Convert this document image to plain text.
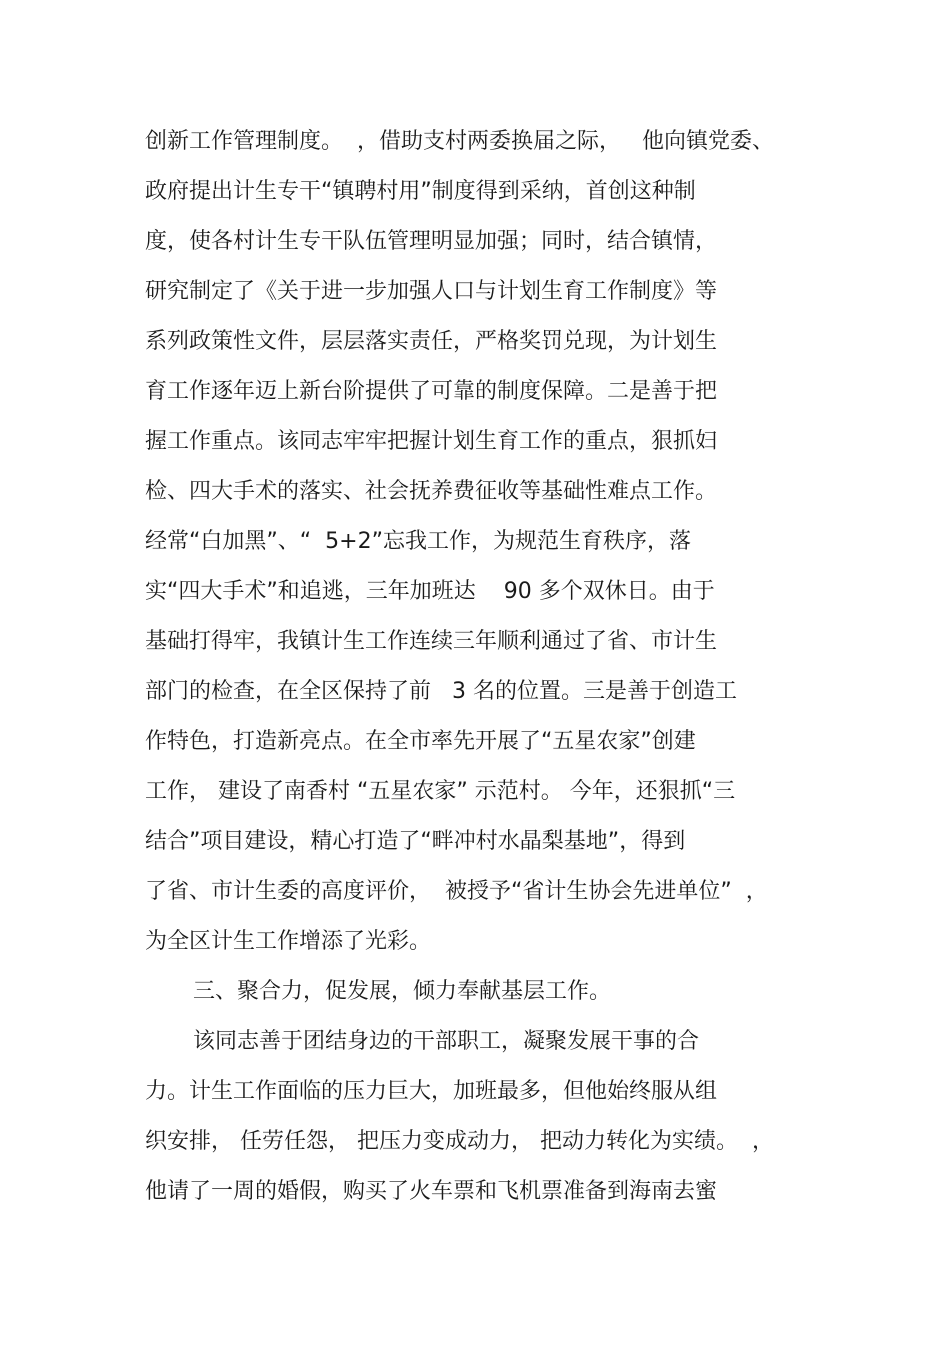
创新工作管理制度。  ，借助支村两委换届之际，   他向镇党委、
政府提出计生专干“镇聘村用”制度得到采纳，首创这种制
度，使各村计生专干队伍管理明显加强；同时，结合镇情，
研究制定了《关于进一步加强人口与计划生育工作制度》等
系列政策性文件，层层落实责任，严格奖罚兑现，为计划生
育工作逐年迈上新台阶提供了可靠的制度保障。二是善于把
握工作重点。该同志牢牢把握计划生育工作的重点，狠抓妇
检、四大手术的落实、社会抚养费征收等基础性难点工作。
经常“白加黑”、“  5+2”忘我工作，为规范生育秩序，落
实“四大手术”和追逃，三年加班达    90 多个双休日。由于
基础打得牢，我镇计生工作连续三年顺利通过了省、市计生
部门的检查，在全区保持了前   3 名的位置。三是善于创造工
作特色，打造新亮点。在全市率先开展了“五星农家”创建
工作， 建设了南香村 “五星农家” 示范村。 今年，还狠抓“三
结合”项目建设，精心打造了“畔冲村水晶梨基地”，得到
了省、市计生委的高度评价，  被授予“省计生协会先进单位”  ，
为全区计生工作增添了光彩。
三、聚合力，促发展，倾力奉献基层工作。
该同志善于团结身边的干部职工，凝聚发展干事的合
力。计生工作面临的压力巨大，加班最多，但他始终服从组
织安排， 任劳任怨， 把压力变成动力， 把动力转化为实绩。  ，
他请了一周的婚假，购买了火车票和飞机票准备到海南去蜜
